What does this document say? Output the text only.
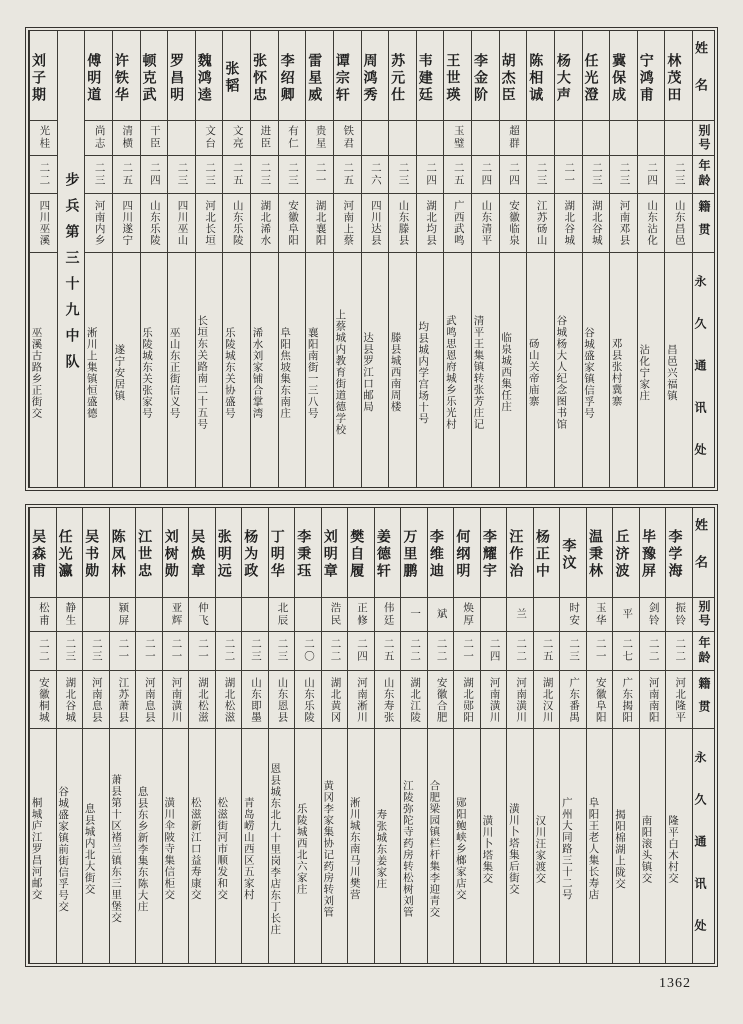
姓名
别号
年龄
籍贯
永久通讯处
林茂田
二三
山东昌邑
昌邑兴福镇
宁鸿甫
二四
山东沾化
沾化宁家庄
冀保成
二三
河南邓县
邓县张村冀寨
任光澄
二三
湖北谷城
谷城盛家镇信孚号
杨大声
二一
湖北谷城
谷城杨大人纪念图书馆
陈相诚
二三
江苏砀山
砀山关帝庙寨
胡杰臣
超群
二四
安徽临泉
临泉城西集任庄
李金阶
二四
山东清平
清平王集镇转张芳庄记
王世瑛
玉璧
二五
广西武鸣
武鸣思恩府城乡乐光村
韦建廷
二四
湖北均县
均县城内学宫场十号
苏元仕
二三
山东滕县
滕县城西南周楼
周鸿秀
二六
四川达县
达县罗江口邮局
谭宗轩
铁君
二五
河南上蔡
上蔡城内教育街道德学校
雷星威
贵星
二一
湖北襄阳
襄阳南街一三八号
李绍卿
有仁
二三
安徽阜阳
阜阳焦坡集东南庄
张怀忠
进臣
二三
湖北浠水
浠水刘家铺合掌湾
张韬
文亮
二五
山东乐陵
乐陵城东关协盛号
魏鸿逵
文台
二三
河北长垣
长垣东关路南二十五号
罗昌明
二三
四川巫山
巫山东正街信义号
顿克武
干臣
二四
山东乐陵
乐陵城东关张家号
许铁华
清横
二五
四川遂宁
遂宁安居镇
傅明道
尚志
二三
河南内乡
淅川上集镇恒盛德
步兵第三十九中队
刘子期
光桂
二二
四川巫溪
巫溪古路乡正街交
姓名
别号
年龄
籍贯
永久通讯处
李学海
振铃
二二
河北隆平
隆平白木村交
毕豫屏
剑铃
二二
河南南阳
南阳滚头镇交
丘济波
平
二七
广东揭阳
揭阳棉湖上陇交
温秉林
玉华
二一
安徽阜阳
阜阳王老人集长寿店
李汶
时安
二三
广东番禺
广州大同路三十二号
杨正中
二五
湖北汉川
汉川汪家渡交
汪作治
兰
二二
河南潢川
潢川卜塔集后街交
李耀宇
二四
河南潢川
潢川卜塔集交
何纲明
焕厚
二一
湖北郧阳
郧阳鲍峡乡榔家店交
李维迪
斌
二二
安徽合肥
合肥梁园镇栏杆集李迎青交
万里鹏
一
二二
湖北江陵
江陵弥陀寺药房转松树刘管
姜德轩
伟廷
二五
山东寿张
寿张城东姜家庄
樊自履
正修
二四
河南淅川
淅川城东南马川樊营
刘明章
浩民
二二
湖北黄冈
黄冈李家集协记药房转刘管
李秉珏
二〇
山东乐陵
乐陵城西北六家庄
丁明华
北辰
二三
山东恩县
恩县城东北九十里岗李店东丁长庄
杨为政
二三
山东即墨
青岛崂山西区五家村
张明远
二二
湖北松滋
松滋街河市顺发和交
吴焕章
仲飞
二一
湖北松滋
松滋新江口益寿康交
刘树勋
亚辉
二一
河南潢川
潢川伞陂寺集信柜交
江世忠
二一
河南息县
息县东乡新李集东陈大庄
陈凤林
颍屏
二一
江苏萧县
萧县第十区褚兰镇东三里堡交
吴书勋
二三
河南息县
息县城内北大街交
任光瀛
静生
二三
湖北谷城
谷城盛家镇前街信孚号交
吴森甫
松甫
二二
安徽桐城
桐城庐江罗昌河邮交
1362
